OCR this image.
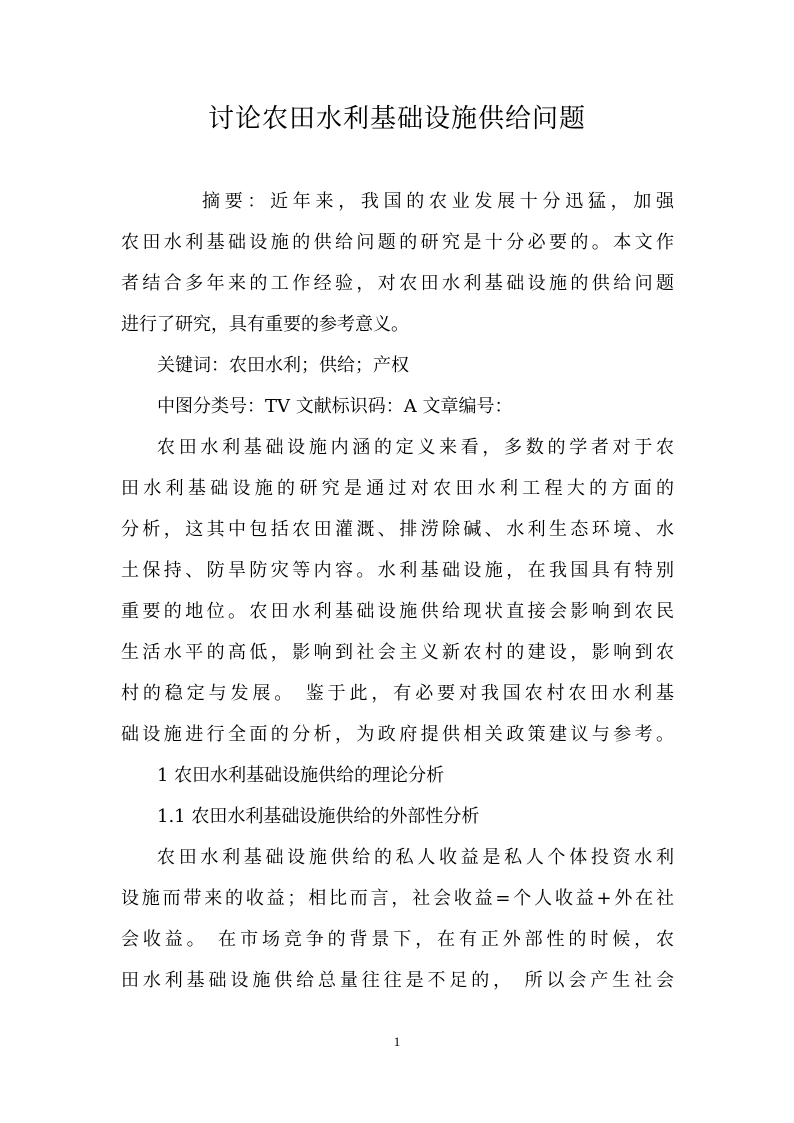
讨论农田水利基础设施供给问题
摘要：近年来，我国的农业发展十分迅猛，加强
农田水利基础设施的供给问题的研究是十分必要的。本文作
者结合多年来的工作经验，对农田水利基础设施的供给问题
进行了研究，具有重要的参考意义。
关键词：农田水利；供给；产权
中图分类号：TV 文献标识码：A 文章编号：
农田水利基础设施内涵的定义来看，多数的学者对于农
田水利基础设施的研究是通过对农田水利工程大的方面的
分析，这其中包括农田灌溉、排涝除碱、水利生态环境、水
土保持、防旱防灾等内容。水利基础设施，在我国具有特别
重要的地位。农田水利基础设施供给现状直接会影响到农民
生活水平的高低，影响到社会主义新农村的建设，影响到农
村的稳定与发展。 鉴于此，有必要对我国农村农田水利基
础设施进行全面的分析，为政府提供相关政策建议与参考。
1 农田水利基础设施供给的理论分析
1.1 农田水利基础设施供给的外部性分析
农田水利基础设施供给的私人收益是私人个体投资水利
设施而带来的收益；相比而言，社会收益=个人收益+外在社
会收益。 在市场竞争的背景下，在有正外部性的时候，农
田水利基础设施供给总量往往是不足的， 所以会产生社会
1
